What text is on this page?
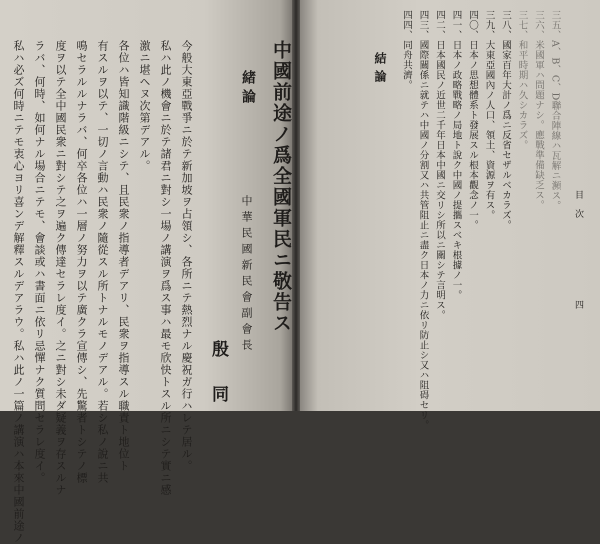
中國前途ノ爲全國軍民ニ敬告ス
緒論
中華民國新民會副會長
殷同
今般大東亞戰爭ニ於テ新加坡ヲ占領シ、各所ニテ熱烈ナル慶祝ガ行ハレテ居ル。
私ハ此ノ機會ニ於テ諸君ニ對シ一場ノ講演ヲ爲ス事ハ最モ欣快トスル所ニシテ實ニ感
激ニ堪ヘヌ次第デアル。
各位ハ皆知識階級ニシテ、且民衆ノ指導者デアリ、民衆ヲ指導スル職責ト地位ト
有スルヲ以テ、一切ノ言動ハ民衆ノ隨從スル所トナルモノデアル。若シ私ノ說ニ共
鳴セラルルナラバ、何卒各位ハ一層ノ努力ヲ以テ廣クラ宣傳シ、先驚者トシテノ標
度ヲ以テ全中國民衆ニ對シテ之ヲ遍ク傳達セラレ度イ。之ニ對シ未ダ疑義ヲ存スルナ
ラバ、何時、如何ナル場合ニテモ、會談或ハ書面ニ依リ忌憚ナク質問セラレ度イ。
私ハ必ズ何時ニテモ衷心ヨリ喜ンデ解釋スルデアラウ。私ハ此ノ一篇ノ講演ハ本來中國前途ノ	三五、A、B、C、D聯合陣線ハ瓦解ニ瀕ス。
三六、米國軍ハ問題ナシ。應戰準備缺乏ス。
三七、和平時期ハ久シカラズ。
三八、國家百年大計ノ爲ニ反省セザルベカラズ。
三九、大東亞國內ノ人口、領土、資源ヲ有ス。
四〇、日本ノ思想體系ト發展スル根本觀念ノ一。
四一、日本ノ政略戰略ノ局地ト說ク中國ノ提攜スベキ根據ノ一。
四二、日本國民ノ近世二千年日本中國ニ交リシ所以ニ關シテ言明ス。
四三、國際關係ニ就テハ中國ノ分割又ハ共管阻止ニ盡ク日本ノ力ニ依リ防止シ又ハ阻碍セリ。
四四、同舟共濟。
結論
目次
四
